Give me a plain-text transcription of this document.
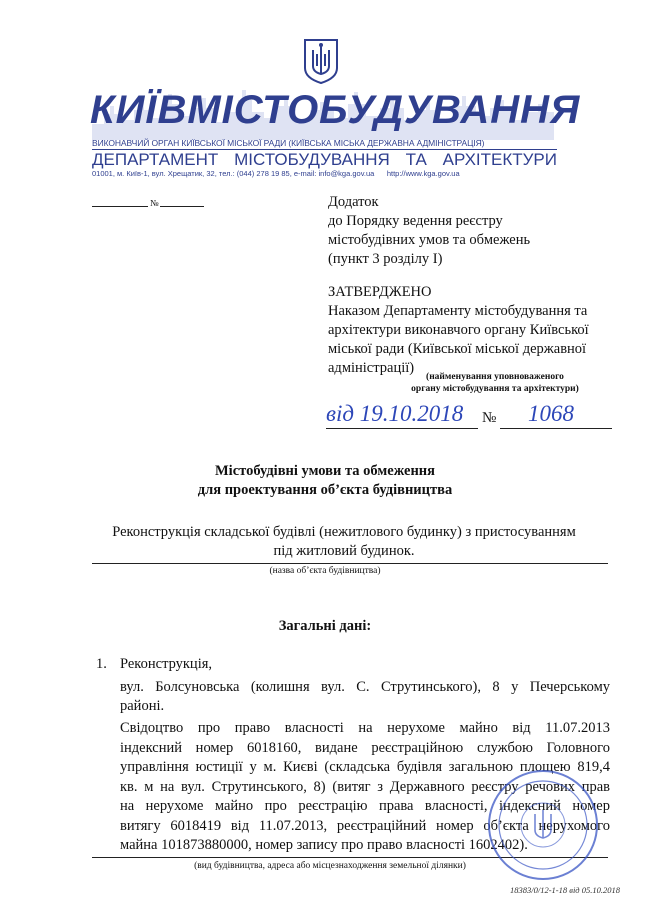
КИЇВМІСТОБУДУВАННЯ
ВИКОНАВЧИЙ ОРГАН КИЇВСЬКОЇ МІСЬКОЇ РАДИ (КИЇВСЬКА МІСЬКА ДЕРЖАВНА АДМІНІСТРАЦІЯ)
ДЕПАРТАМЕНТ МІСТОБУДУВАННЯ ТА АРХІТЕКТУРИ
01001, м. Київ-1, вул. Хрещатик, 32, тел.: (044) 278 19 85, e-mail: info@kga.gov.ua      http://www.kga.gov.ua
№	Додаток
до Порядку ведення реєстру
містобудівних умов та обмежень
(пункт 3 розділу І)
ЗАТВЕРДЖЕНО
Наказом Департаменту містобудування та
архітектури виконавчого органу Київської
міської ради (Київської міської державної
адміністрації)
(найменування уповноваженого
органу містобудування та архітектури)
від 19.10.2018	№ 1068
Містобудівні умови та обмеження
для проектування об’єкта будівництва
Реконструкція складської будівлі (нежитлового будинку) з пристосуванням
під житловий будинок.
(назва об’єкта будівництва)
Загальні дані:
1. Реконструкція,
вул. Болсуновська (колишня вул. С. Струтинського), 8 у Печерському
районі.
Свідоцтво про право власності на нерухоме майно від 11.07.2013
індексний номер 6018160, видане реєстраційною службою Головного
управління юстиції у м. Києві (складська будівля загальною площею 819,4
кв. м на вул. Струтинського, 8) (витяг з Державного реєстру речових прав
на нерухоме майно про реєстрацію права власності, індексний номер
витягу 6018419 від 11.07.2013, реєстраційний номер об’єкта нерухомого
майна 101873880000, номер запису про право власності 1602402).
(вид будівництва, адреса або місцезнаходження земельної ділянки)
18383/0/12-1-18 від 05.10.2018
